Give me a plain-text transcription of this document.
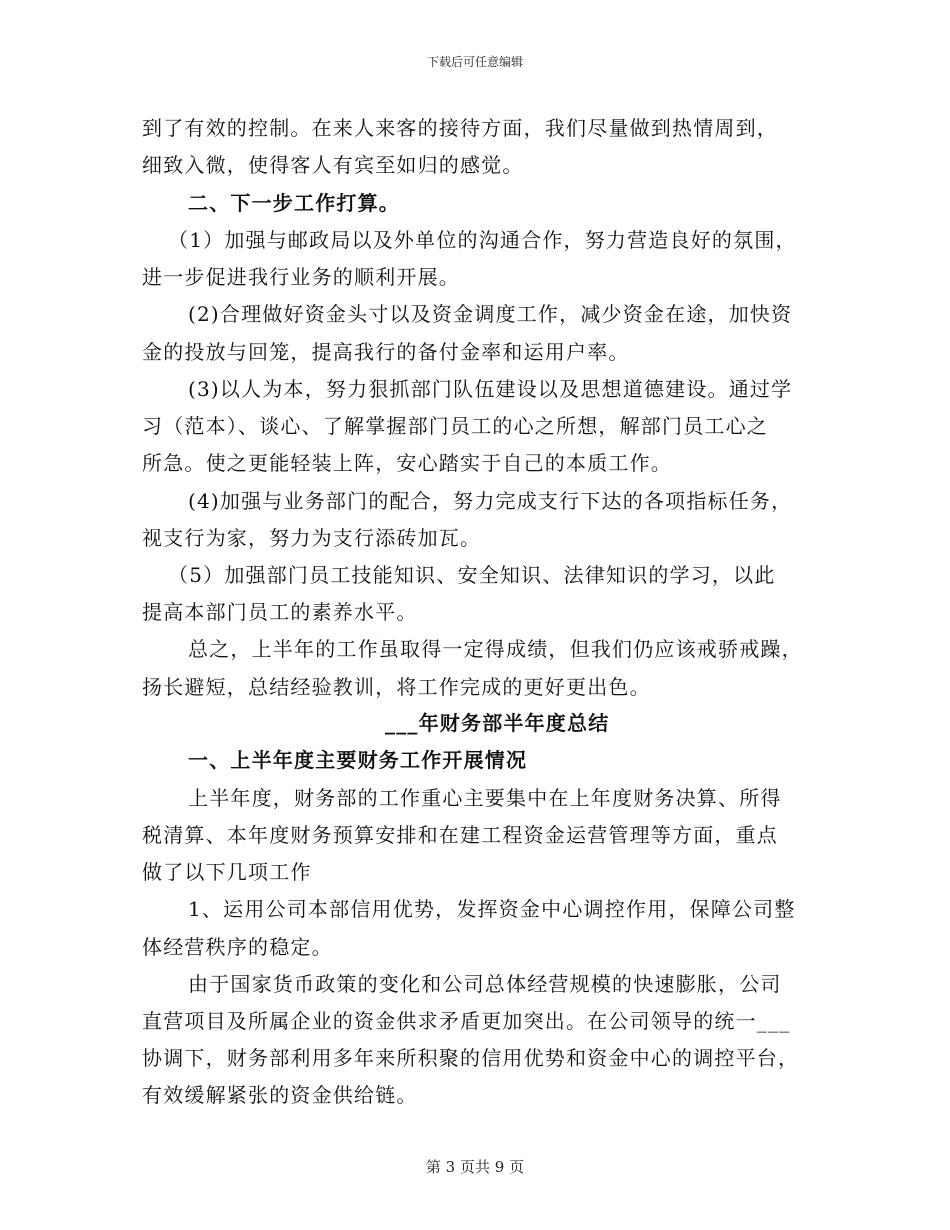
下载后可任意编辑
到了有效的控制。在来人来客的接待方面，我们尽量做到热情周到，
细致入微，使得客人有宾至如归的感觉。
二、下一步工作打算。
（1）加强与邮政局以及外单位的沟通合作，努力营造良好的氛围，
进一步促进我行业务的顺利开展。
(2)合理做好资金头寸以及资金调度工作，减少资金在途，加快资
金的投放与回笼，提高我行的备付金率和运用户率。
(3)以人为本，努力狠抓部门队伍建设以及思想道德建设。通过学
习（范本）、谈心、了解掌握部门员工的心之所想，解部门员工心之
所急。使之更能轻装上阵，安心踏实于自己的本质工作。
(4)加强与业务部门的配合，努力完成支行下达的各项指标任务，
视支行为家，努力为支行添砖加瓦。
（5）加强部门员工技能知识、安全知识、法律知识的学习，以此
提高本部门员工的素养水平。
总之，上半年的工作虽取得一定得成绩，但我们仍应该戒骄戒躁，
扬长避短，总结经验教训，将工作完成的更好更出色。
___年财务部半年度总结
一、上半年度主要财务工作开展情况
上半年度，财务部的工作重心主要集中在上年度财务决算、所得
税清算、本年度财务预算安排和在建工程资金运营管理等方面，重点
做了以下几项工作
1、运用公司本部信用优势，发挥资金中心调控作用，保障公司整
体经营秩序的稳定。
由于国家货币政策的变化和公司总体经营规模的快速膨胀，公司
直营项目及所属企业的资金供求矛盾更加突出。在公司领导的统一___
协调下，财务部利用多年来所积聚的信用优势和资金中心的调控平台，
有效缓解紧张的资金供给链。
第 3 页共 9 页
